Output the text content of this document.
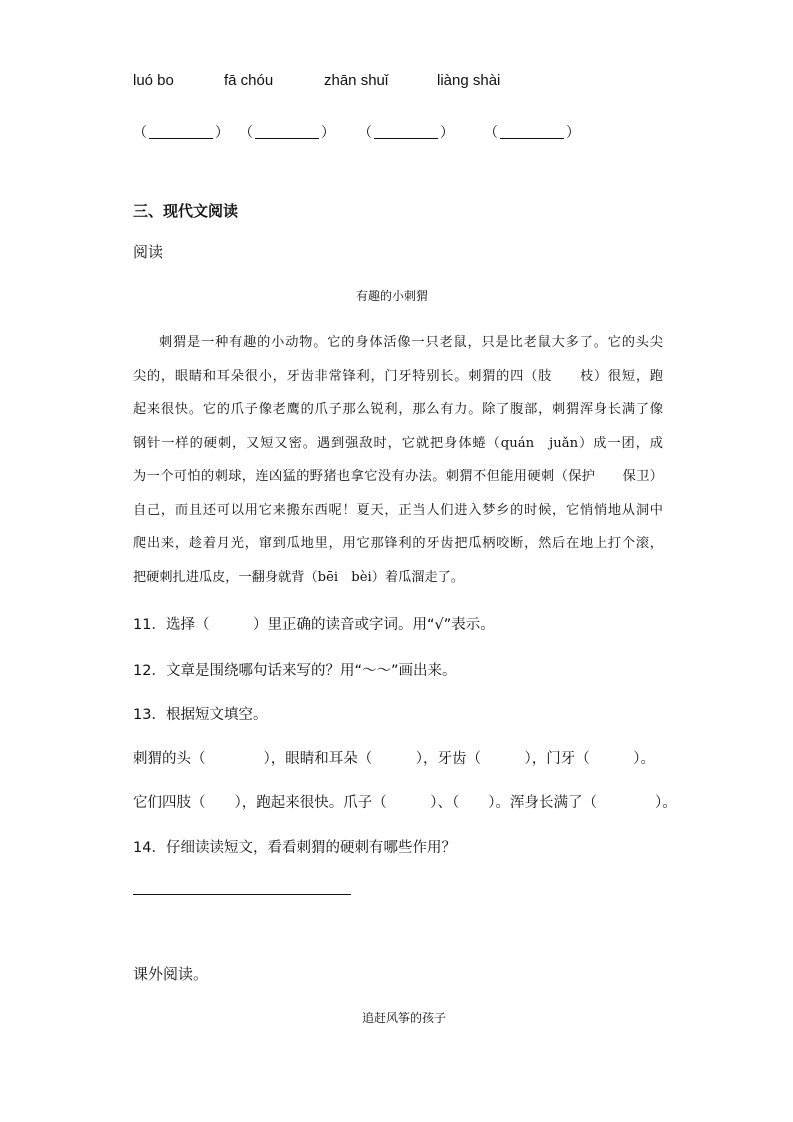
luó bo	fā chóu	zhān shuǐ	liàng shài
（	） （	） （	） （	）
三、现代文阅读
阅读
有趣的小刺猬
刺猬是一种有趣的小动物。它的身体活像一只老鼠，只是比老鼠大多了。它的头尖
尖的，眼睛和耳朵很小，牙齿非常锋利，门牙特别长。刺猬的四（肢　　枝）很短，跑
起来很快。它的爪子像老鹰的爪子那么锐利，那么有力。除了腹部，刺猬浑身长满了像
钢针一样的硬刺，又短又密。遇到强敌时，它就把身体蜷（quán　juǎn）成一团，成
为一个可怕的刺球，连凶猛的野猪也拿它没有办法。刺猬不但能用硬刺（保护　　保卫）
自己，而且还可以用它来搬东西呢！夏天，正当人们进入梦乡的时候，它悄悄地从洞中
爬出来，趁着月光，窜到瓜地里，用它那锋利的牙齿把瓜柄咬断，然后在地上打个滚，
把硬刺扎进瓜皮，一翻身就背（bēi　bèi）着瓜溜走了。
11．选择（　　　）里正确的读音或字词。用“√”表示。
12．文章是围绕哪句话来写的？用“～～”画出来。
13．根据短文填空。
刺猬的头（　　　　），眼睛和耳朵（　　　），牙齿（　　　），门牙（　　　）。
它们四肢（　　），跑起来很快。爪子（　　　）、（　　）。浑身长满了（　　　　）。
14．仔细读读短文，看看刺猬的硬刺有哪些作用？
课外阅读。
追赶风筝的孩子
